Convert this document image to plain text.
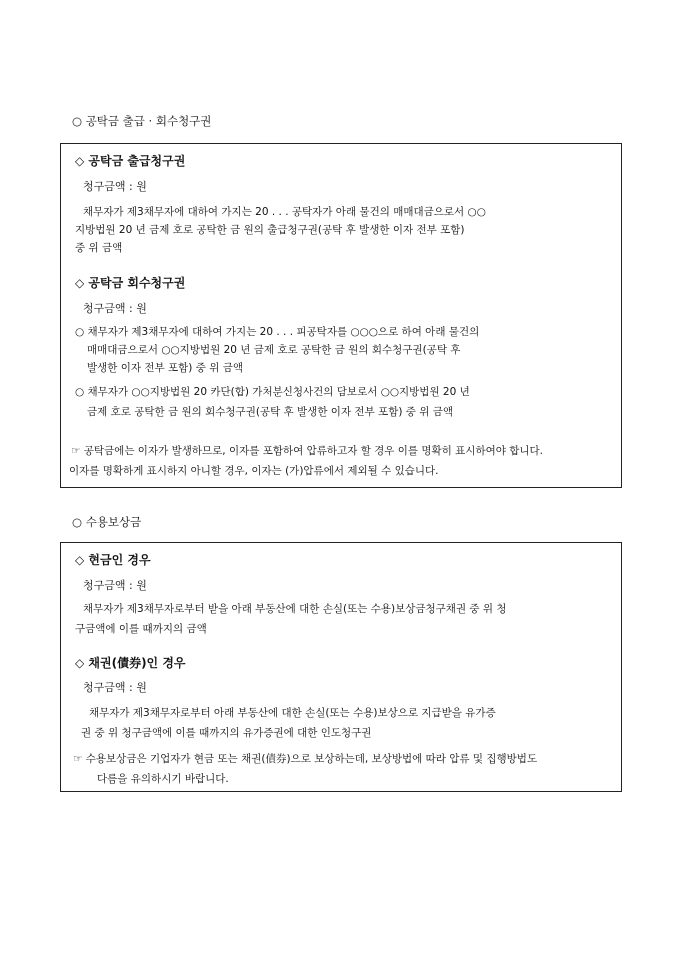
○ 공탁금 출급 · 회수청구권
◇ 공탁금 출급청구권
청구금액 : 원
채무자가 제3채무자에 대하여 가지는 20 . . . 공탁자가 아래 물건의 매매대금으로서 ○○
지방법원 20 년 금제 호로 공탁한 금 원의 출급청구권(공탁 후 발생한 이자 전부 포함)
중 위 금액
◇ 공탁금 회수청구권
청구금액 : 원
○ 채무자가 제3채무자에 대하여 가지는 20 . . . 피공탁자를 ○○○으로 하여 아래 물건의
매매대금으로서 ○○지방법원 20 년 금제 호로 공탁한 금 원의 회수청구권(공탁 후
발생한 이자 전부 포함) 중 위 금액
○ 채무자가 ○○지방법원 20 카단(합) 가처분신청사건의 담보로서 ○○지방법원 20 년
금제 호로 공탁한 금 원의 회수청구권(공탁 후 발생한 이자 전부 포함) 중 위 금액
☞ 공탁금에는 이자가 발생하므로, 이자를 포함하여 압류하고자 할 경우 이를 명확히 표시하여야 합니다.
이자를 명확하게 표시하지 아니할 경우, 이자는 (가)압류에서 제외될 수 있습니다.
○ 수용보상금
◇ 현금인 경우
청구금액 : 원
채무자가 제3채무자로부터 받을 아래 부동산에 대한 손실(또는 수용)보상금청구채권 중 위 청
구금액에 이를 때까지의 금액
◇ 채권(債券)인 경우
청구금액 : 원
채무자가 제3채무자로부터 아래 부동산에 대한 손실(또는 수용)보상으로 지급받을 유가증
권 중 위 청구금액에 이를 때까지의 유가증권에 대한 인도청구권
☞ 수용보상금은 기업자가 현금 또는 채권(債券)으로 보상하는데, 보상방법에 따라 압류 및 집행방법도
다름을 유의하시기 바랍니다.
